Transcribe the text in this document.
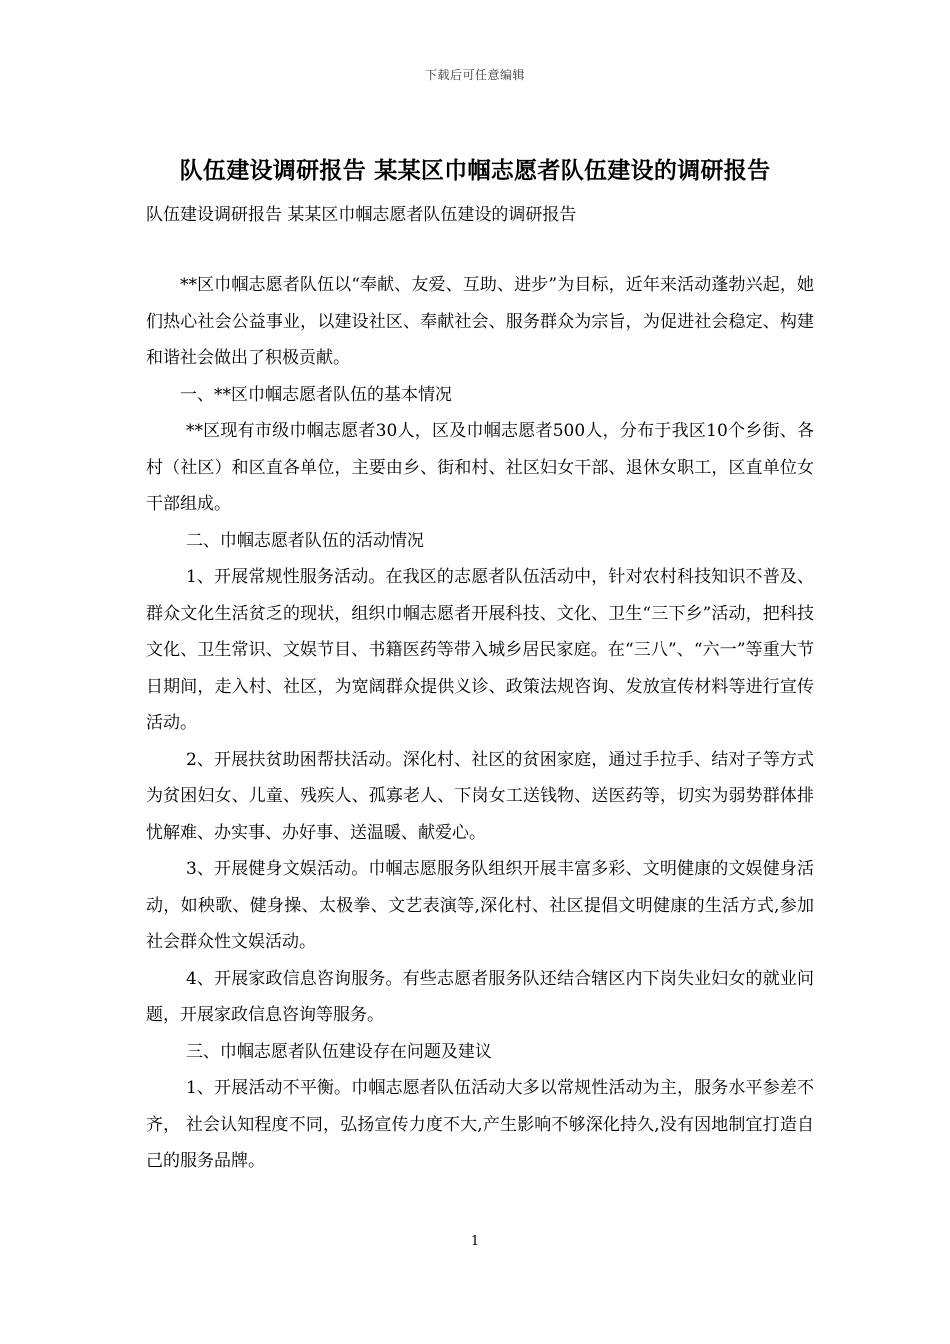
下载后可任意编辑
队伍建设调研报告 某某区巾帼志愿者队伍建设的调研报告
队伍建设调研报告 某某区巾帼志愿者队伍建设的调研报告

**区巾帼志愿者队伍以“奉献、友爱、互助、进步”为目标，近年来活动蓬勃兴起，她们热心社会公益事业，以建设社区、奉献社会、服务群众为宗旨，为促进社会稳定、构建和谐社会做出了积极贡献。

一、**区巾帼志愿者队伍的基本情况

**区现有市级巾帼志愿者30人，区及巾帼志愿者500人，分布于我区10个乡街、各村（社区）和区直各单位，主要由乡、街和村、社区妇女干部、退休女职工，区直单位女干部组成。

二、巾帼志愿者队伍的活动情况

1、开展常规性服务活动。在我区的志愿者队伍活动中，针对农村科技知识不普及、群众文化生活贫乏的现状，组织巾帼志愿者开展科技、文化、卫生“三下乡”活动，把科技文化、卫生常识、文娱节目、书籍医药等带入城乡居民家庭。在“三八”、“六一”等重大节日期间，走入村、社区，为宽阔群众提供义诊、政策法规咨询、发放宣传材料等进行宣传活动。

2、开展扶贫助困帮扶活动。深化村、社区的贫困家庭，通过手拉手、结对子等方式为贫困妇女、儿童、残疾人、孤寡老人、下岗女工送钱物、送医药等，切实为弱势群体排忧解难、办实事、办好事、送温暖、献爱心。

3、开展健身文娱活动。巾帼志愿服务队组织开展丰富多彩、文明健康的文娱健身活动，如秧歌、健身操、太极拳、文艺表演等,深化村、社区提倡文明健康的生活方式,参加社会群众性文娱活动。

4、开展家政信息咨询服务。有些志愿者服务队还结合辖区内下岗失业妇女的就业问题，开展家政信息咨询等服务。

三、巾帼志愿者队伍建设存在问题及建议

1、开展活动不平衡。巾帼志愿者队伍活动大多以常规性活动为主，服务水平参差不齐， 社会认知程度不同，弘扬宣传力度不大,产生影响不够深化持久,没有因地制宜打造自己的服务品牌。

1
